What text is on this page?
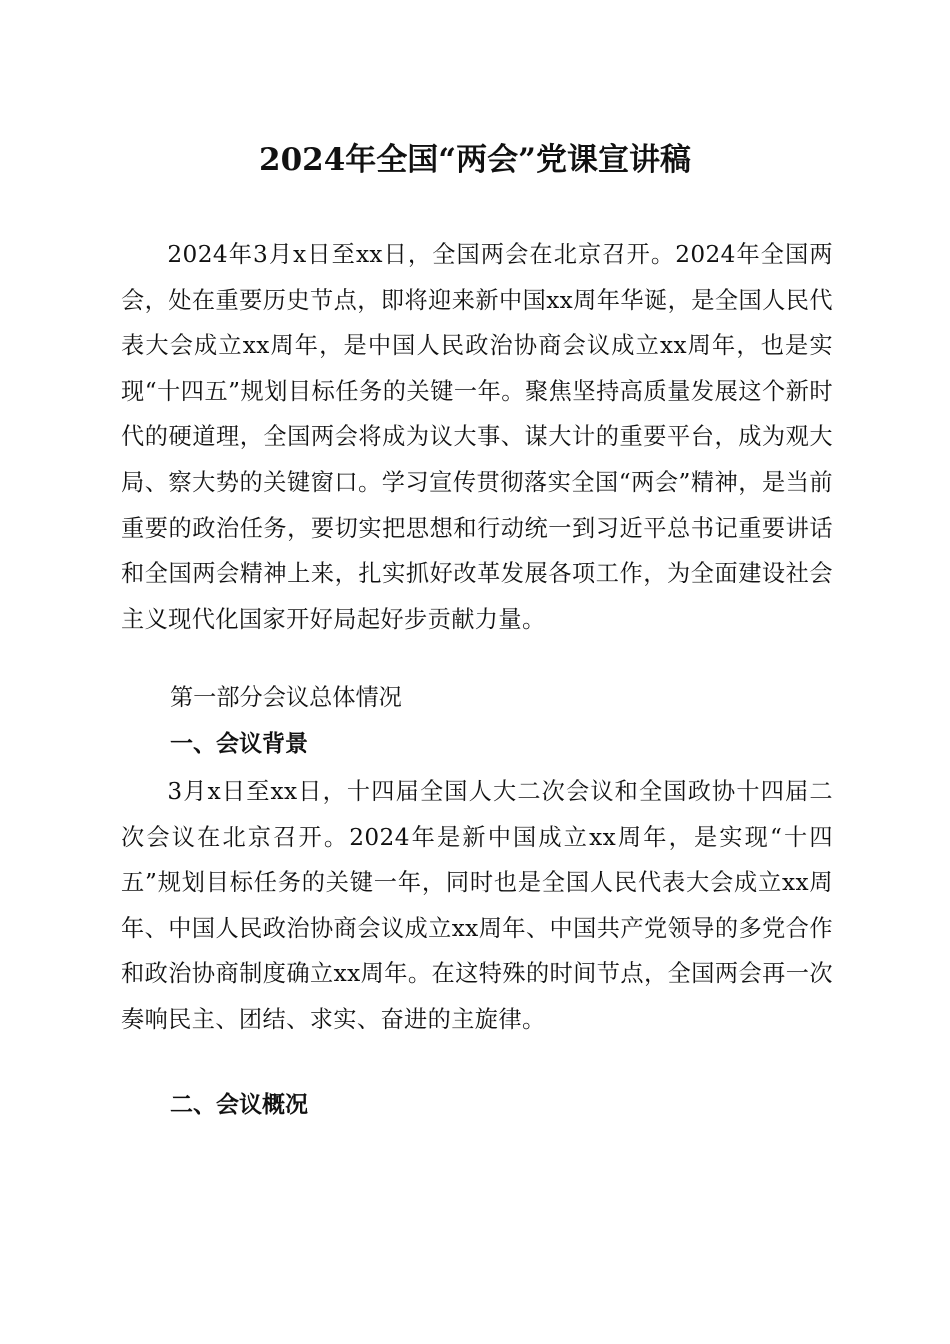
2024年全国“两会”党课宣讲稿

2024年3月x日至xx日，全国两会在北京召开。2024年全国两会，处在重要历史节点，即将迎来新中国xx周年华诞，是全国人民代表大会成立xx周年，是中国人民政治协商会议成立xx周年，也是实现“十四五”规划目标任务的关键一年。聚焦坚持高质量发展这个新时代的硬道理，全国两会将成为议大事、谋大计的重要平台，成为观大局、察大势的关键窗口。学习宣传贯彻落实全国“两会”精神，是当前重要的政治任务，要切实把思想和行动统一到习近平总书记重要讲话和全国两会精神上来，扎实抓好改革发展各项工作，为全面建设社会主义现代化国家开好局起好步贡献力量。

第一部分会议总体情况

一、会议背景

3月x日至xx日，十四届全国人大二次会议和全国政协十四届二次会议在北京召开。2024年是新中国成立xx周年，是实现“十四五”规划目标任务的关键一年，同时也是全国人民代表大会成立xx周年、中国人民政治协商会议成立xx周年、中国共产党领导的多党合作和政治协商制度确立xx周年。在这特殊的时间节点，全国两会再一次奏响民主、团结、求实、奋进的主旋律。

二、会议概况
